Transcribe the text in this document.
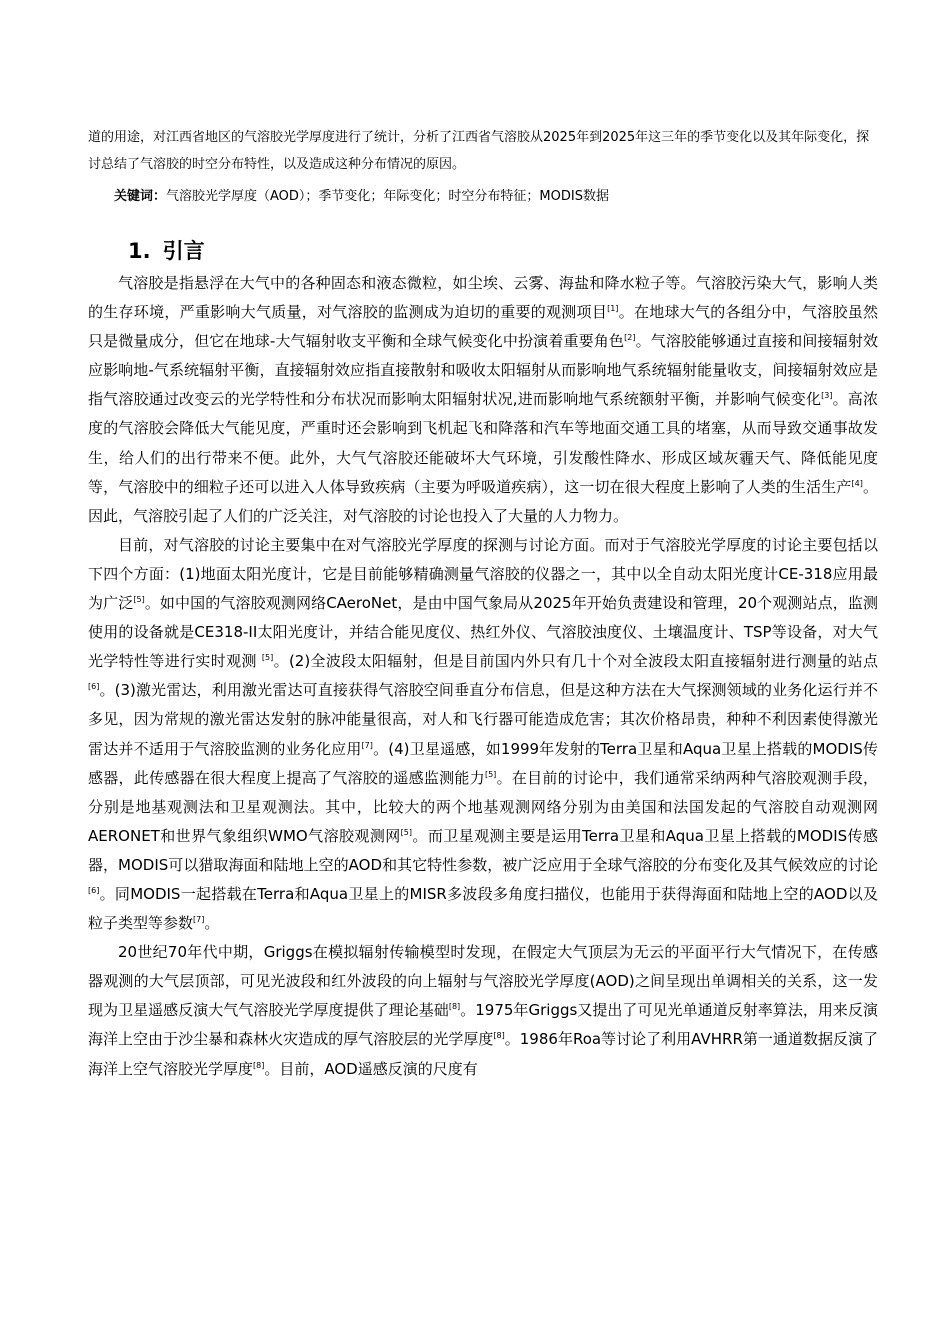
道的用途，对江西省地区的气溶胶光学厚度进行了统计，分析了江西省气溶胶从2025年到2025年这三年的季节变化以及其年际变化，探讨总结了气溶胶的时空分布特性，以及造成这种分布情况的原因。

关键词：气溶胶光学厚度（AOD）；季节变化；年际变化；时空分布特征；MODIS数据

1. 引言

气溶胶是指悬浮在大气中的各种固态和液态微粒，如尘埃、云雾、海盐和降水粒子等。气溶胶污染大气，影响人类的生存环境，严重影响大气质量，对气溶胶的监测成为迫切的重要的观测项目[1]。在地球大气的各组分中，气溶胶虽然只是微量成分，但它在地球-大气辐射收支平衡和全球气候变化中扮演着重要角色[2]。气溶胶能够通过直接和间接辐射效应影响地-气系统辐射平衡，直接辐射效应指直接散射和吸收太阳辐射从而影响地气系统辐射能量收支，间接辐射效应是指气溶胶通过改变云的光学特性和分布状况而影响太阳辐射状况,进而影响地气系统额射平衡，并影响气候变化[3]。高浓度的气溶胶会降低大气能见度，严重时还会影响到飞机起飞和降落和汽车等地面交通工具的堵塞，从而导致交通事故发生，给人们的出行带来不便。此外，大气气溶胶还能破坏大气环境，引发酸性降水、形成区域灰霾天气、降低能见度等，气溶胶中的细粒子还可以进入人体导致疾病（主要为呼吸道疾病），这一切在很大程度上影响了人类的生活生产[4]。因此，气溶胶引起了人们的广泛关注，对气溶胶的讨论也投入了大量的人力物力。

目前，对气溶胶的讨论主要集中在对气溶胶光学厚度的探测与讨论方面。而对于气溶胶光学厚度的讨论主要包括以下四个方面：(1)地面太阳光度计，它是目前能够精确测量气溶胶的仪器之一，其中以全自动太阳光度计CE-318应用最为广泛[5]。如中国的气溶胶观测网络CAeroNet，是由中国气象局从2025年开始负责建设和管理，20个观测站点，监测使用的设备就是CE318-II太阳光度计，并结合能见度仪、热红外仪、气溶胶浊度仪、土壤温度计、TSP等设备，对大气光学特性等进行实时观测 [5]。(2)全波段太阳辐射，但是目前国内外只有几十个对全波段太阳直接辐射进行测量的站点[6]。(3)激光雷达，利用激光雷达可直接获得气溶胶空间垂直分布信息，但是这种方法在大气探测领域的业务化运行并不多见，因为常规的激光雷达发射的脉冲能量很高，对人和飞行器可能造成危害；其次价格昂贵，种种不利因素使得激光雷达并不适用于气溶胶监测的业务化应用[7]。(4)卫星遥感，如1999年发射的Terra卫星和Aqua卫星上搭载的MODIS传感器，此传感器在很大程度上提高了气溶胶的遥感监测能力[5]。在目前的讨论中，我们通常采纳两种气溶胶观测手段，分别是地基观测法和卫星观测法。其中，比较大的两个地基观测网络分别为由美国和法国发起的气溶胶自动观测网AERONET和世界气象组织WMO气溶胶观测网[5]。而卫星观测主要是运用Terra卫星和Aqua卫星上搭载的MODIS传感器，MODIS可以猎取海面和陆地上空的AOD和其它特性参数，被广泛应用于全球气溶胶的分布变化及其气候效应的讨论[6]。同MODIS一起搭载在Terra和Aqua卫星上的MISR多波段多角度扫描仪，也能用于获得海面和陆地上空的AOD以及粒子类型等参数[7]。

20世纪70年代中期，Griggs在模拟辐射传输模型时发现，在假定大气顶层为无云的平面平行大气情况下，在传感器观测的大气层顶部，可见光波段和红外波段的向上辐射与气溶胶光学厚度(AOD)之间呈现出单调相关的关系，这一发现为卫星遥感反演大气气溶胶光学厚度提供了理论基础[8]。1975年Griggs又提出了可见光单通道反射率算法，用来反演海洋上空由于沙尘暴和森林火灾造成的厚气溶胶层的光学厚度[8]。1986年Roa等讨论了利用AVHRR第一通道数据反演了海洋上空气溶胶光学厚度[8]。目前，AOD遥感反演的尺度有
